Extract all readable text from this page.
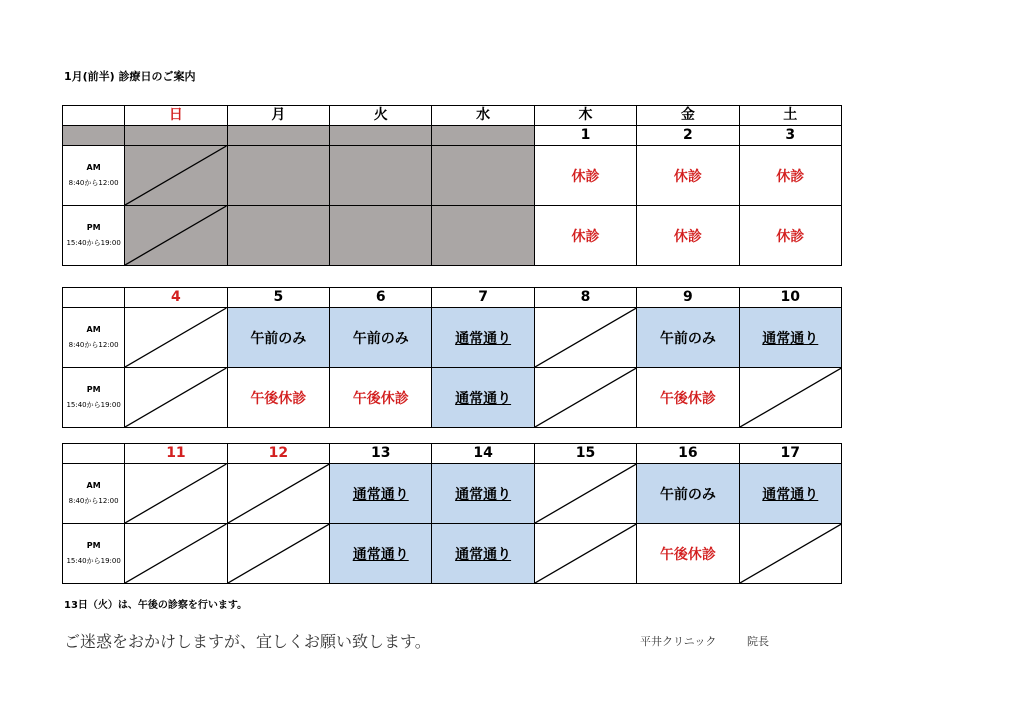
1月(前半) 診療日のご案内
	日	月	火	水	木	金	土
					1	2	3

AM
8:40から12:00					休診	休診	休診

PM
15:40から19:00					休診	休診	休診
	4	5	6	7	8	9	10

AM
8:40から12:00		午前のみ	午前のみ	通常通り		午前のみ	通常通り

PM
15:40から19:00		午後休診	午後休診	通常通り		午後休診	
	11	12	13	14	15	16	17

AM
8:40から12:00			通常通り	通常通り		午前のみ	通常通り

PM
15:40から19:00			通常通り	通常通り		午後休診	
13日（火）は、午後の診察を行います。
ご迷惑をおかけしますが、宜しくお願い致します。	平井クリニック	院長
